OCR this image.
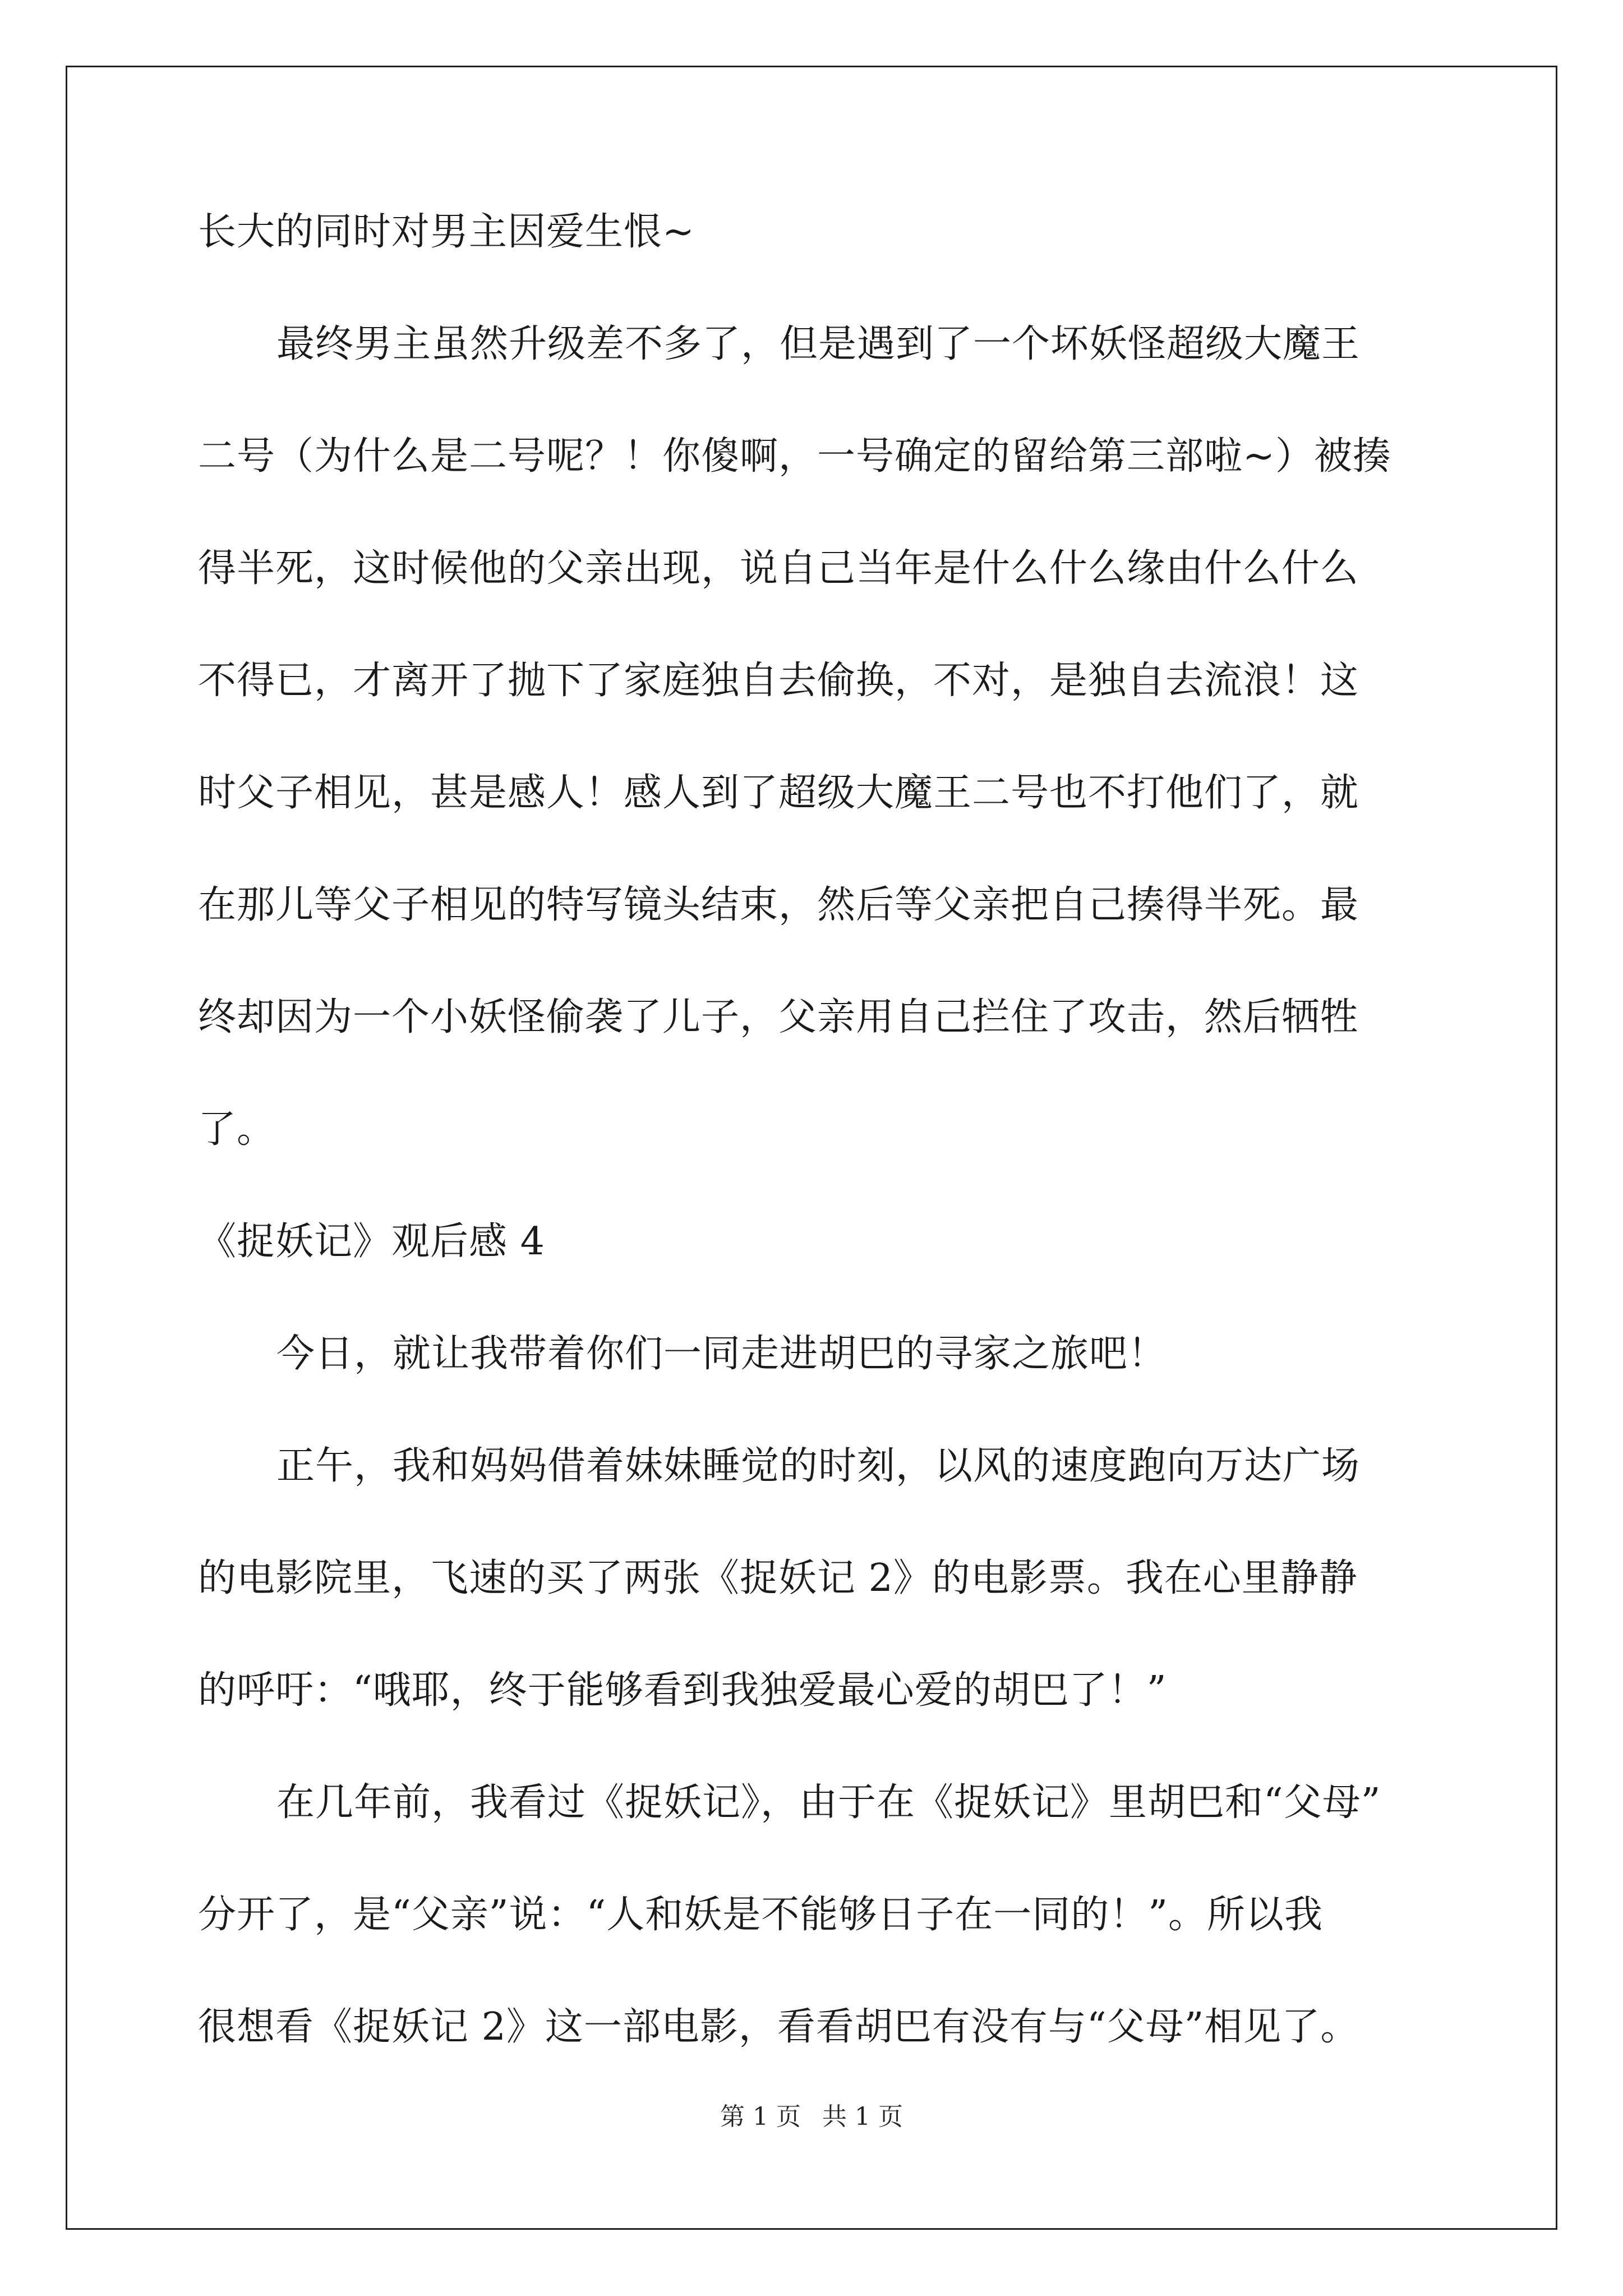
长大的同时对男主因爱生恨~

最终男主虽然升级差不多了，但是遇到了一个坏妖怪超级大魔王

二号（为什么是二号呢？！你傻啊，一号确定的留给第三部啦~）被揍

得半死，这时候他的父亲出现，说自己当年是什么什么缘由什么什么

不得已，才离开了抛下了家庭独自去偷换，不对，是独自去流浪！这

时父子相见，甚是感人！感人到了超级大魔王二号也不打他们了，就

在那儿等父子相见的特写镜头结束，然后等父亲把自己揍得半死。最

终却因为一个小妖怪偷袭了儿子，父亲用自己拦住了攻击，然后牺牲

了。

《捉妖记》观后感 4

今日，就让我带着你们一同走进胡巴的寻家之旅吧！

正午，我和妈妈借着妹妹睡觉的时刻，以风的速度跑向万达广场

的电影院里，飞速的买了两张《捉妖记 2》的电影票。我在心里静静

的呼吁：“哦耶，终于能够看到我独爱最心爱的胡巴了！”

在几年前，我看过《捉妖记》，由于在《捉妖记》里胡巴和“父母”

分开了，是“父亲”说：“人和妖是不能够日子在一同的！”。所以我

很想看《捉妖记 2》这一部电影，看看胡巴有没有与“父母”相见了。

第 1 页 共 1 页
